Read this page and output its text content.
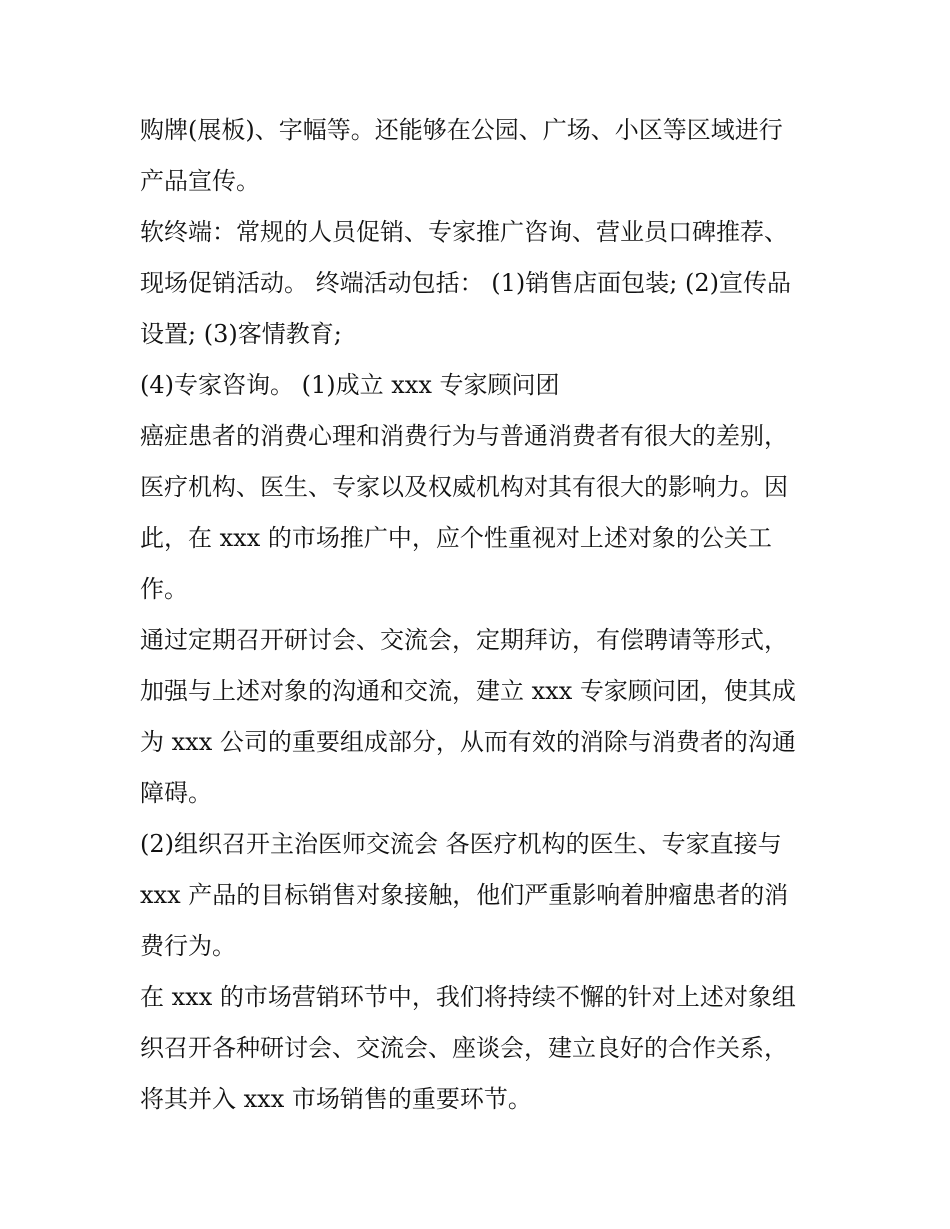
购牌(展板)、字幅等。还能够在公园、广场、小区等区域进行
产品宣传。
软终端：常规的人员促销、专家推广咨询、营业员口碑推荐、
现场促销活动。 终端活动包括： (1)销售店面包装; (2)宣传品
设置; (3)客情教育;
(4)专家咨询。 (1)成立 xxx 专家顾问团
癌症患者的消费心理和消费行为与普通消费者有很大的差别，
医疗机构、医生、专家以及权威机构对其有很大的影响力。因
此，在 xxx 的市场推广中，应个性重视对上述对象的公关工
作。
通过定期召开研讨会、交流会，定期拜访，有偿聘请等形式，
加强与上述对象的沟通和交流，建立 xxx 专家顾问团，使其成
为 xxx 公司的重要组成部分，从而有效的消除与消费者的沟通
障碍。
(2)组织召开主治医师交流会 各医疗机构的医生、专家直接与
xxx 产品的目标销售对象接触，他们严重影响着肿瘤患者的消
费行为。
在 xxx 的市场营销环节中，我们将持续不懈的针对上述对象组
织召开各种研讨会、交流会、座谈会，建立良好的合作关系，
将其并入 xxx 市场销售的重要环节。
